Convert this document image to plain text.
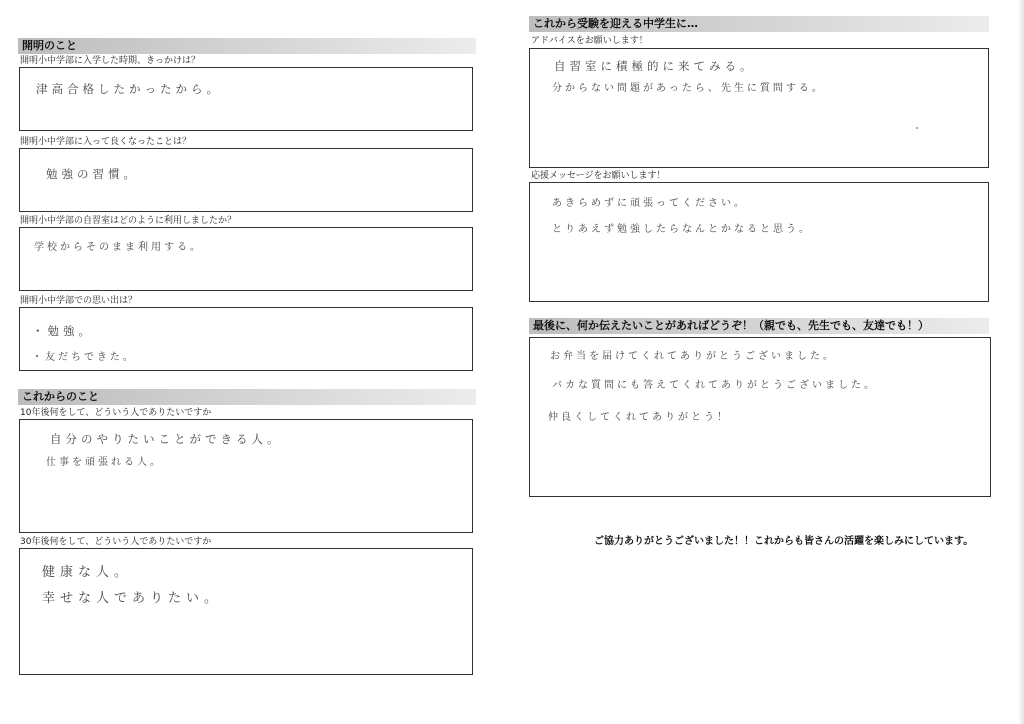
開明のこと
開明小中学部に入学した時期、きっかけは？
津高合格したかったから。
開明小中学部に入って良くなったことは？
勉強の習慣。
開明小中学部の自習室はどのように利用しましたか？
学校からそのまま利用する。
開明小中学部での思い出は？
・勉強。
・友だちできた。
これからのこと
10年後何をして、どういう人でありたいですか
自分のやりたいことができる人。
仕事を頑張れる人。
30年後何をして、どういう人でありたいですか
健康な人。
幸せな人でありたい。
これから受験を迎える中学生に…
アドバイスをお願いします！
自習室に積極的に来てみる。
分からない問題があったら、先生に質問する。
応援メッセージをお願いします！
あきらめずに頑張ってください。
とりあえず勉強したらなんとかなると思う。
最後に、何か伝えたいことがあればどうぞ！（親でも、先生でも、友達でも！）
お弁当を届けてくれてありがとうございました。
バカな質問にも答えてくれてありがとうございました。
仲良くしてくれてありがとう！
ご協力ありがとうございました！！これからも皆さんの活躍を楽しみにしています。
